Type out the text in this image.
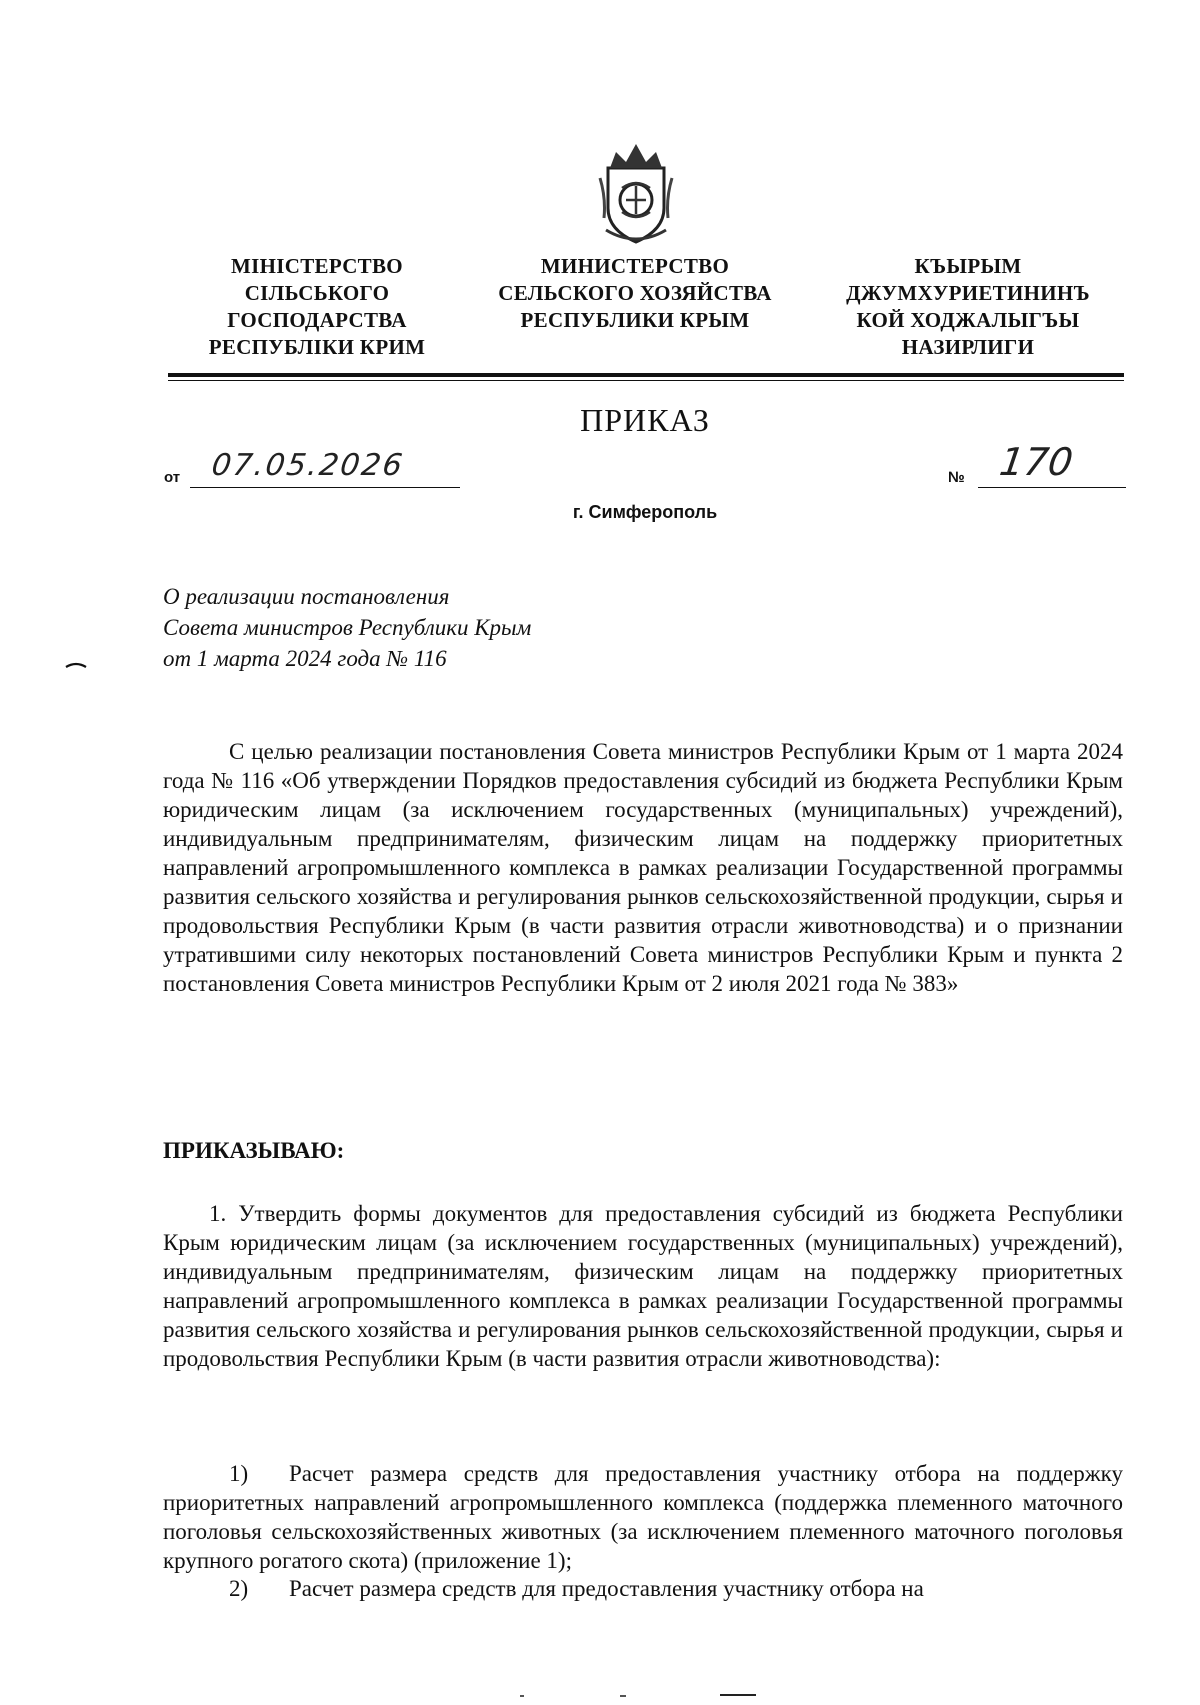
МІНІСТЕРСТВО
СІЛЬСЬКОГО
ГОСПОДАРСТВА
РЕСПУБЛІКИ КРИМ
МИНИСТЕРСТВО
СЕЛЬСКОГО ХОЗЯЙСТВА
РЕСПУБЛИКИ КРЫМ
КЪЫРЫМ
ДЖУМХУРИЕТИНИНЪ
КОЙ ХОДЖАЛЫГЪЫ
НАЗИРЛИГИ
ПРИКАЗ
от 07.05.2026	№ 170
г. Симферополь
О реализации постановления
Совета министров Республики Крым
от 1 марта 2024 года № 116
С целью реализации постановления Совета министров Республики Крым от 1 марта 2024 года № 116 «Об утверждении Порядков предоставления субсидий из бюджета Республики Крым юридическим лицам (за исключением государственных (муниципальных) учреждений), индивидуальным предпринимателям, физическим лицам на поддержку приоритетных направлений агропромышленного комплекса в рамках реализации Государственной программы развития сельского хозяйства и регулирования рынков сельскохозяйственной продукции, сырья и продовольствия Республики Крым (в части развития отрасли животноводства) и о признании утратившими силу некоторых постановлений Совета министров Республики Крым и пункта 2 постановления Совета министров Республики Крым от 2 июля 2021 года № 383»
ПРИКАЗЫВАЮ:
1. Утвердить формы документов для предоставления субсидий из бюджета Республики Крым юридическим лицам (за исключением государственных (муниципальных) учреждений), индивидуальным предпринимателям, физическим лицам на поддержку приоритетных направлений агропромышленного комплекса в рамках реализации Государственной программы развития сельского хозяйства и регулирования рынков сельскохозяйственной продукции, сырья и продовольствия Республики Крым (в части развития отрасли животноводства):
1) Расчет размера средств для предоставления участнику отбора на поддержку приоритетных направлений агропромышленного комплекса (поддержка племенного маточного поголовья сельскохозяйственных животных (за исключением племенного маточного поголовья крупного рогатого скота) (приложение 1);
2) Расчет размера средств для предоставления участнику отбора на
